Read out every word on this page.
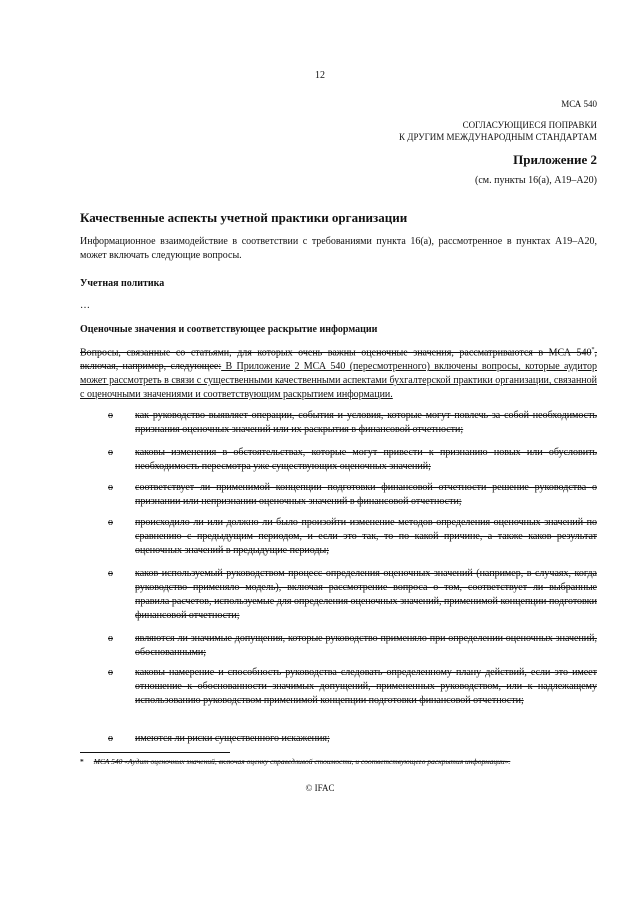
12
МСА 540
СОГЛАСУЮЩИЕСЯ ПОПРАВКИ
К ДРУГИМ МЕЖДУНАРОДНЫМ СТАНДАРТАМ
Приложение 2
(см. пункты 16(а), A19–A20)
Качественные аспекты учетной практики организации
Информационное взаимодействие в соответствии с требованиями пункта 16(а), рассмотренное в пунктах A19–A20, может включать следующие вопросы.
Учетная политика
…
Оценочные значения и соответствующее раскрытие информации
Вопросы, связанные со статьями, для которых очень важны оценочные значения, рассматриваются в МСА 540*, включая, например, следующее: В Приложение 2 МСА 540 (пересмотренного) включены вопросы, которые аудитор может рассмотреть в связи с существенными качественными аспектами бухгалтерской практики организации, связанной с оценочными значениями и соответствующим раскрытием информации.
o как руководство выявляет операции, события и условия, которые могут повлечь за собой необходимость признания оценочных значений или их раскрытия в финансовой отчетности;
o каковы изменения в обстоятельствах, которые могут привести к признанию новых или обусловить необходимость пересмотра уже существующих оценочных значений;
o соответствует ли применимой концепции подготовки финансовой отчетности решение руководства о признании или непризнании оценочных значений в финансовой отчетности;
o происходило ли или должно ли было произойти изменение методов определения оценочных значений по сравнению с предыдущим периодом, и если это так, то по какой причине, а также каков результат оценочных значений в предыдущие периоды;
o каков используемый руководством процесс определения оценочных значений (например, в случаях, когда руководство применяло модель), включая рассмотрение вопроса о том, соответствует ли выбранные правила расчетов, используемые для определения оценочных значений, применимой концепции подготовки финансовой отчетности;
o являются ли значимые допущения, которые руководство применяло при определении оценочных значений, обоснованными;
o каковы намерение и способность руководства следовать определенному плану действий, если это имеет отношение к обоснованности значимых допущений, примененных руководством, или к надлежащему использованию руководством применимой концепции подготовки финансовой отчетности;
o имеются ли риски существенного искажения;
* МСА 540 «Аудит оценочных значений, включая оценку справедливой стоимости, и соответствующего раскрытия информации».
© IFAC
